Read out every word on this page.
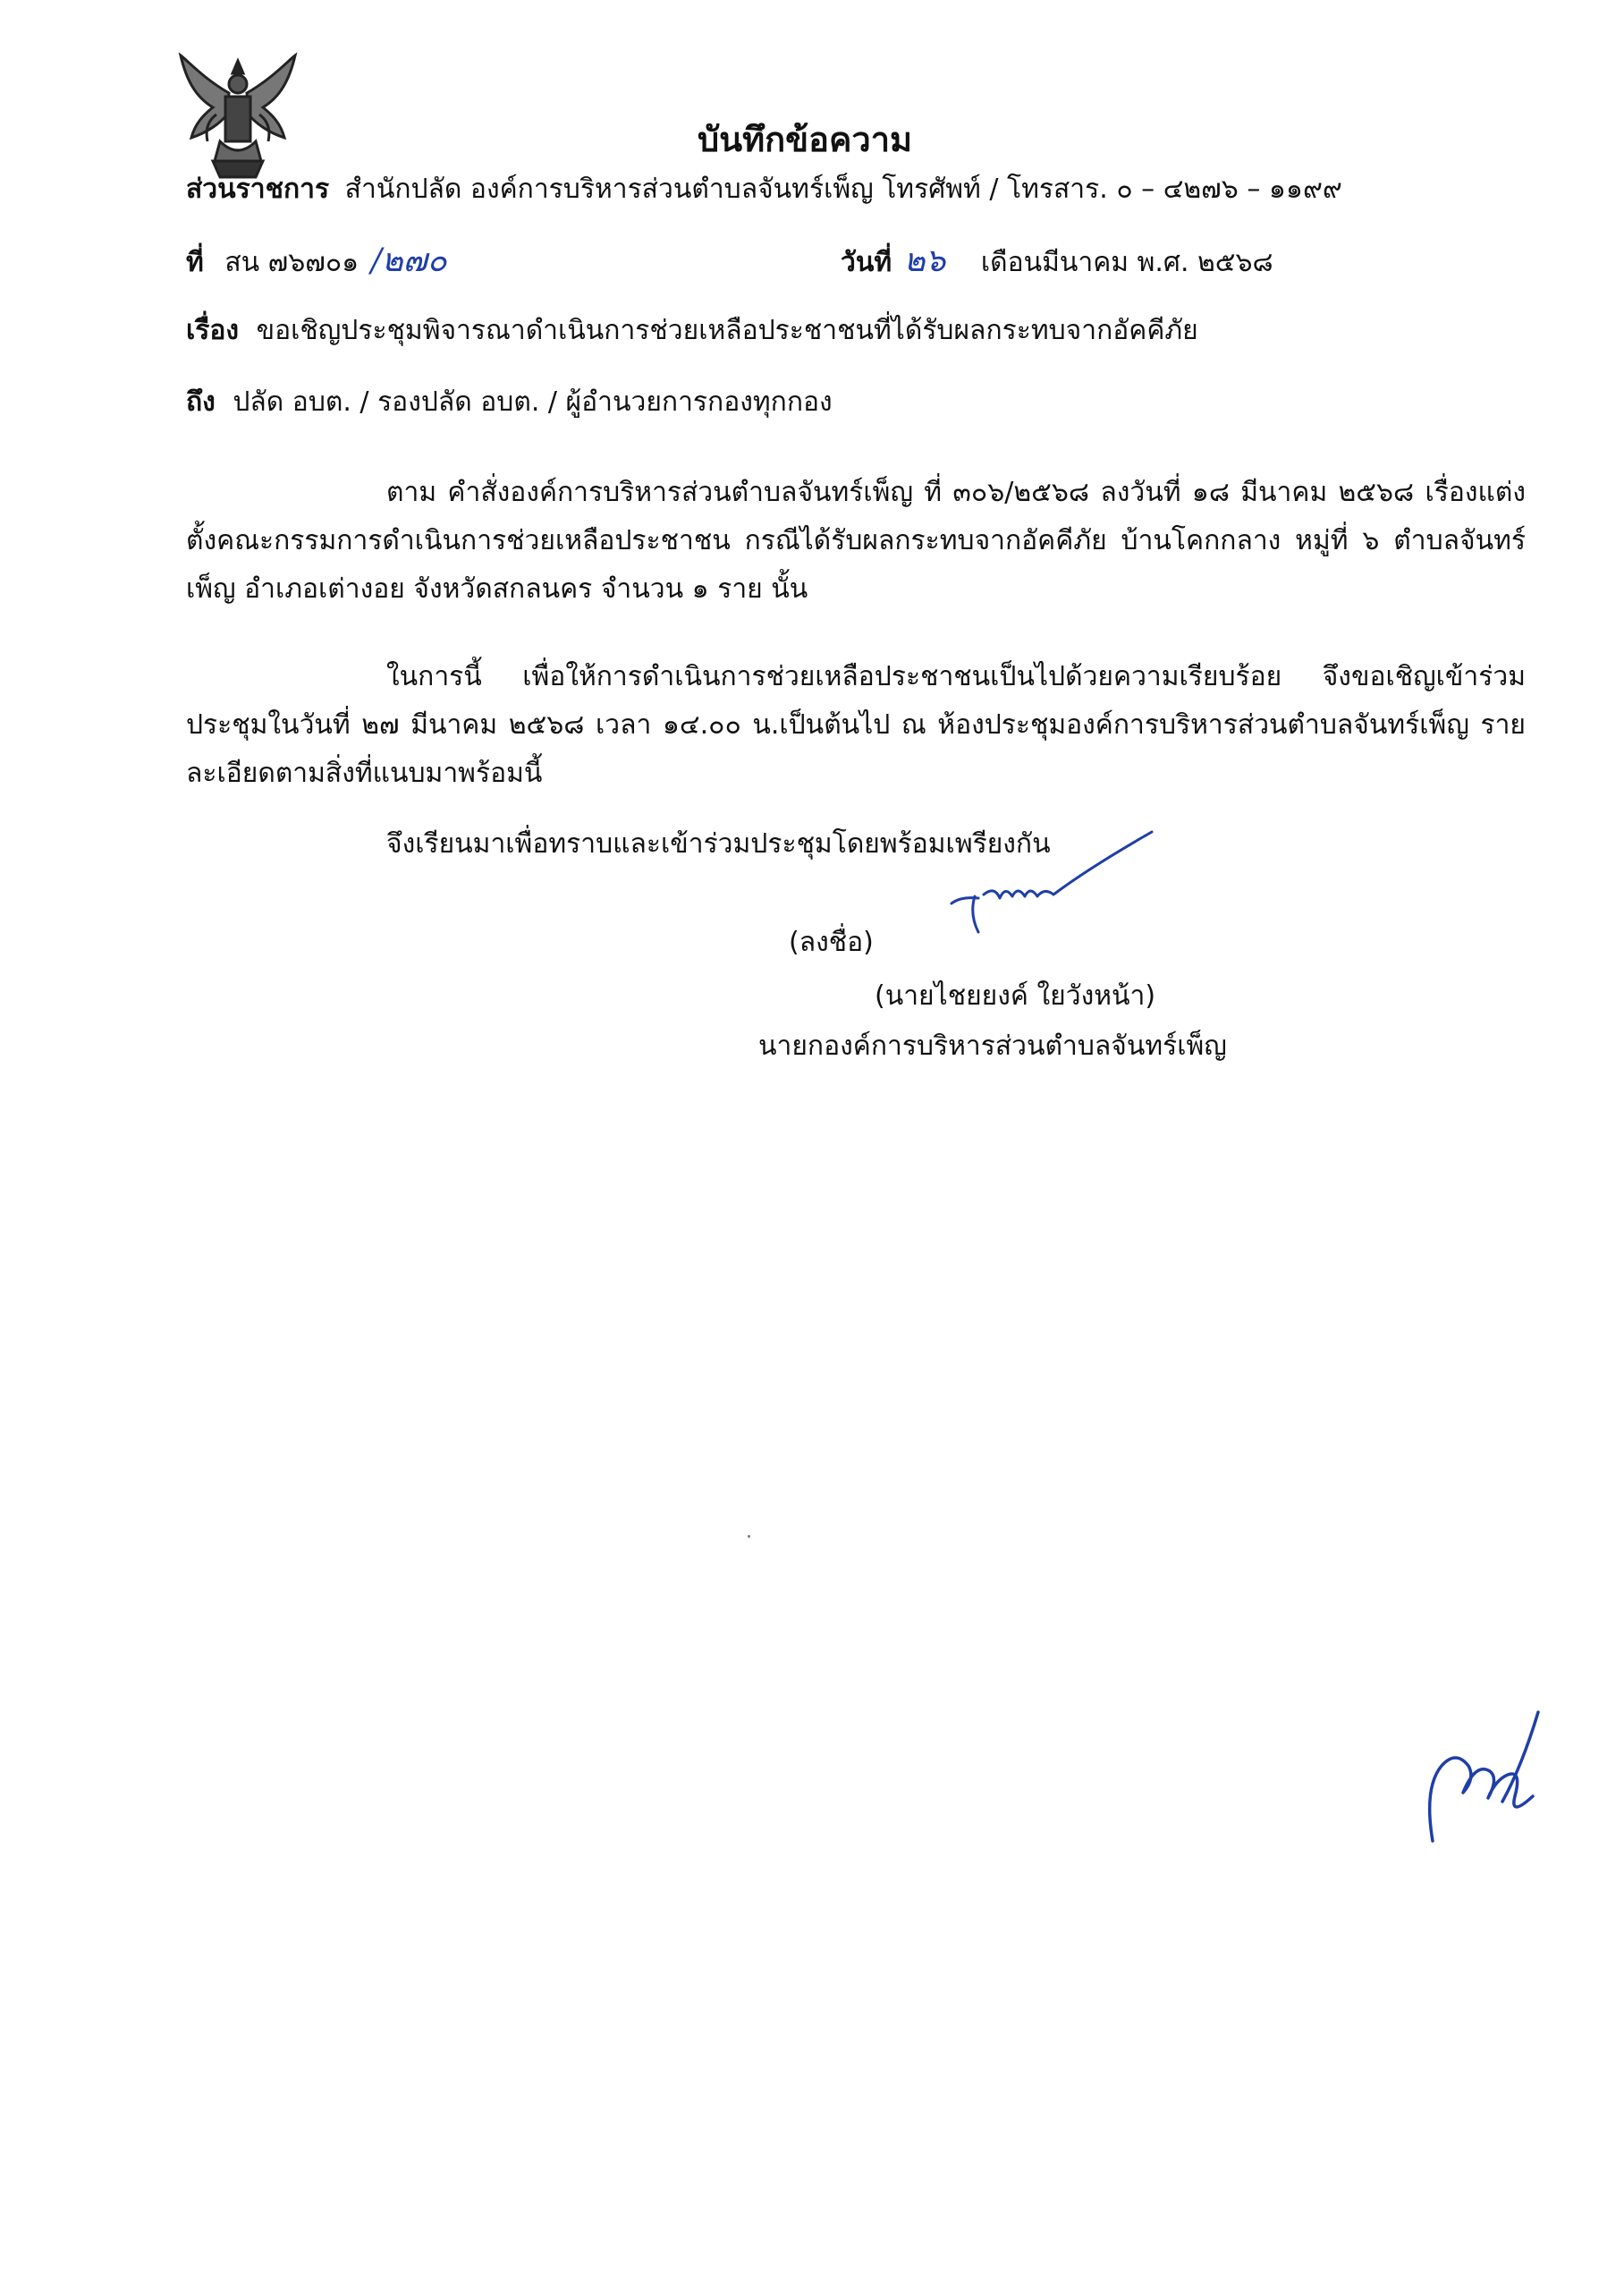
บันทึกข้อความ
ส่วนราชการ สำนักปลัด องค์การบริหารส่วนตำบลจันทร์เพ็ญ โทรศัพท์ / โทรสาร. ๐ – ๔๒๗๖ – ๑๑๙๙
ที่ สน ๗๖๗๐๑ /๒๗๐	วันที่ ๒๖ เดือนมีนาคม พ.ศ. ๒๕๖๘
เรื่อง ขอเชิญประชุมพิจารณาดำเนินการช่วยเหลือประชาชนที่ได้รับผลกระทบจากอัคคีภัย
ถึง ปลัด อบต. / รองปลัด อบต. / ผู้อำนวยการกองทุกกอง

ตาม คำสั่งองค์การบริหารส่วนตำบลจันทร์เพ็ญ ที่ ๓๐๖/๒๕๖๘ ลงวันที่ ๑๘ มีนาคม ๒๕๖๘ เรื่องแต่งตั้งคณะกรรมการดำเนินการช่วยเหลือประชาชน กรณีได้รับผลกระทบจากอัคคีภัย บ้านโคกกลาง หมู่ที่ ๖ ตำบลจันทร์เพ็ญ อำเภอเต่างอย จังหวัดสกลนคร จำนวน ๑ ราย นั้น

ในการนี้ เพื่อให้การดำเนินการช่วยเหลือประชาชนเป็นไปด้วยความเรียบร้อย จึงขอเชิญเข้าร่วมประชุมในวันที่ ๒๗ มีนาคม ๒๕๖๘ เวลา ๑๔.๐๐ น.เป็นต้นไป ณ ห้องประชุมองค์การบริหารส่วนตำบลจันทร์เพ็ญ รายละเอียดตามสิ่งที่แนบมาพร้อมนี้

จึงเรียนมาเพื่อทราบและเข้าร่วมประชุมโดยพร้อมเพรียงกัน
(ลงชื่อ)
(นายไชยยงค์ ใยวังหน้า)
นายกองค์การบริหารส่วนตำบลจันทร์เพ็ญ
